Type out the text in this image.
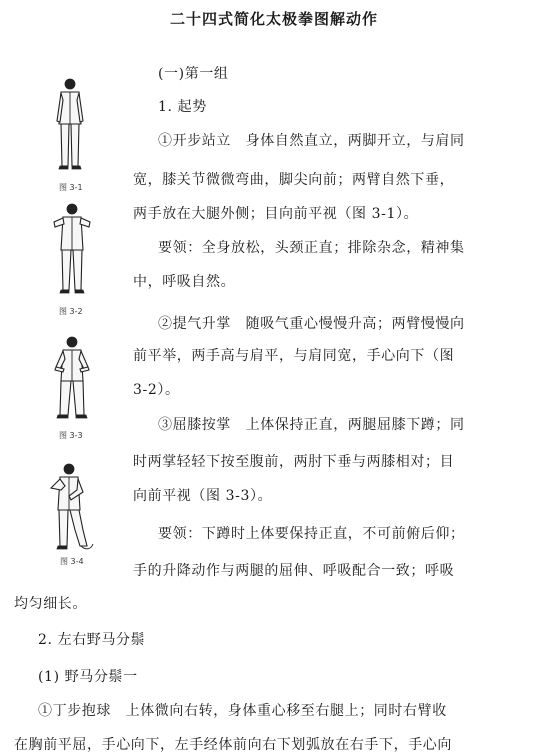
二十四式简化太极拳图解动作
图 3-1
图 3-2
图 3-3
图 3-4
(一)第一组
1. 起势
①开步站立　身体自然直立，两脚开立，与肩同
宽，膝关节微微弯曲，脚尖向前；两臂自然下垂，
两手放在大腿外侧；目向前平视（图 3-1）。
要领：全身放松，头颈正直；排除杂念，精神集
中，呼吸自然。
②提气升掌　随吸气重心慢慢升高；两臂慢慢向
前平举，两手高与肩平，与肩同宽，手心向下（图
3-2）。
③屈膝按掌　上体保持正直，两腿屈膝下蹲；同
时两掌轻轻下按至腹前，两肘下垂与两膝相对；目
向前平视（图 3-3）。
要领：下蹲时上体要保持正直，不可前俯后仰；
手的升降动作与两腿的屈伸、呼吸配合一致；呼吸
均匀细长。
2. 左右野马分鬃
(1) 野马分鬃一
①丁步抱球　上体微向右转，身体重心移至右腿上；同时右臂收
在胸前平屈，手心向下，左手经体前向右下划弧放在右手下，手心向
